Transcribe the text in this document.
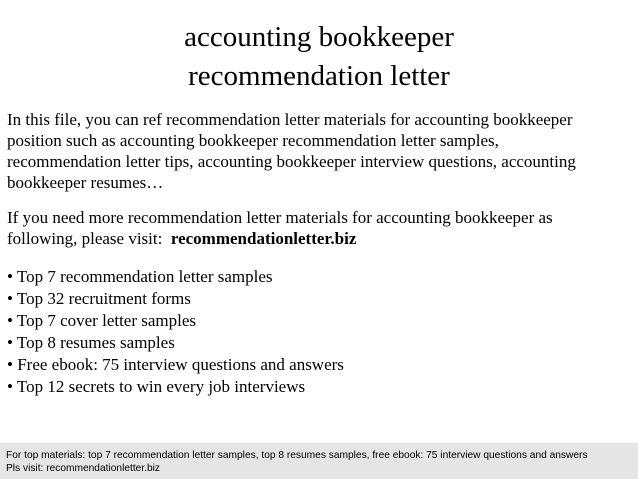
accounting bookkeeper
recommendation letter
In this file, you can ref recommendation letter materials for accounting bookkeeper
position such as accounting bookkeeper recommendation letter samples,
recommendation letter tips, accounting bookkeeper interview questions, accounting
bookkeeper resumes…
If you need more recommendation letter materials for accounting bookkeeper as
following, please visit:  recommendationletter.biz
• Top 7 recommendation letter samples
• Top 32 recruitment forms
• Top 7 cover letter samples
• Top 8 resumes samples
• Free ebook: 75 interview questions and answers
• Top 12 secrets to win every job interviews
For top materials: top 7 recommendation letter samples, top 8 resumes samples, free ebook: 75 interview questions and answers
Pls visit: recommendationletter.biz
